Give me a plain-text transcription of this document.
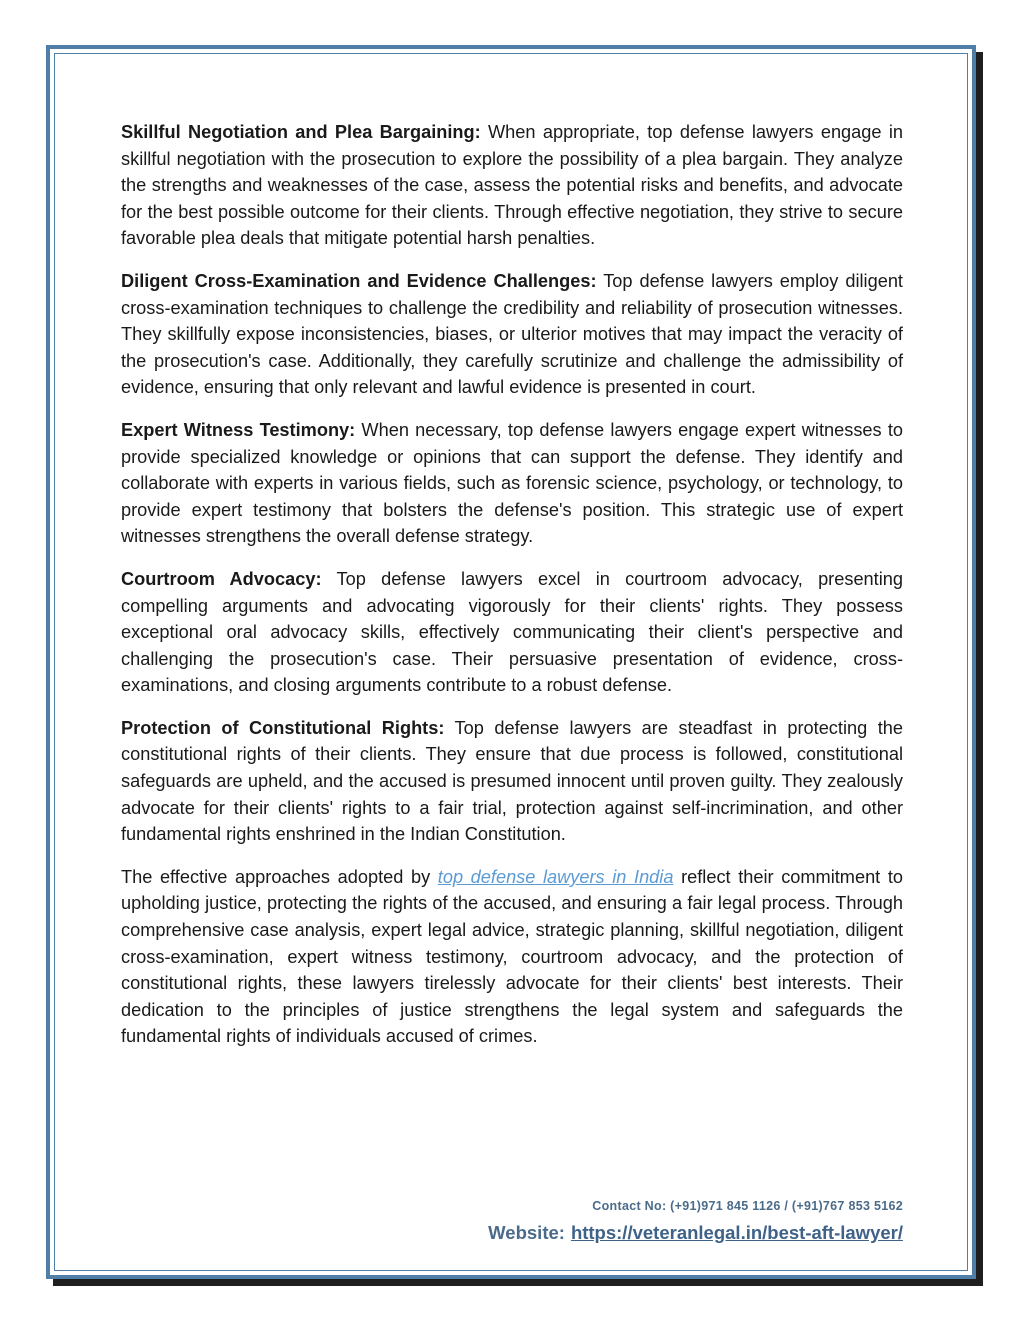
Skillful Negotiation and Plea Bargaining: When appropriate, top defense lawyers engage in skillful negotiation with the prosecution to explore the possibility of a plea bargain. They analyze the strengths and weaknesses of the case, assess the potential risks and benefits, and advocate for the best possible outcome for their clients. Through effective negotiation, they strive to secure favorable plea deals that mitigate potential harsh penalties.

Diligent Cross-Examination and Evidence Challenges: Top defense lawyers employ diligent cross-examination techniques to challenge the credibility and reliability of prosecution witnesses. They skillfully expose inconsistencies, biases, or ulterior motives that may impact the veracity of the prosecution's case. Additionally, they carefully scrutinize and challenge the admissibility of evidence, ensuring that only relevant and lawful evidence is presented in court.

Expert Witness Testimony: When necessary, top defense lawyers engage expert witnesses to provide specialized knowledge or opinions that can support the defense. They identify and collaborate with experts in various fields, such as forensic science, psychology, or technology, to provide expert testimony that bolsters the defense's position. This strategic use of expert witnesses strengthens the overall defense strategy.

Courtroom Advocacy: Top defense lawyers excel in courtroom advocacy, presenting compelling arguments and advocating vigorously for their clients' rights. They possess exceptional oral advocacy skills, effectively communicating their client's perspective and challenging the prosecution's case. Their persuasive presentation of evidence, cross-examinations, and closing arguments contribute to a robust defense.

Protection of Constitutional Rights: Top defense lawyers are steadfast in protecting the constitutional rights of their clients. They ensure that due process is followed, constitutional safeguards are upheld, and the accused is presumed innocent until proven guilty. They zealously advocate for their clients' rights to a fair trial, protection against self-incrimination, and other fundamental rights enshrined in the Indian Constitution.

The effective approaches adopted by top defense lawyers in India reflect their commitment to upholding justice, protecting the rights of the accused, and ensuring a fair legal process. Through comprehensive case analysis, expert legal advice, strategic planning, skillful negotiation, diligent cross-examination, expert witness testimony, courtroom advocacy, and the protection of constitutional rights, these lawyers tirelessly advocate for their clients' best interests. Their dedication to the principles of justice strengthens the legal system and safeguards the fundamental rights of individuals accused of crimes.

Contact No: (+91)971 845 1126 / (+91)767 853 5162
Website: https://veteranlegal.in/best-aft-lawyer/
